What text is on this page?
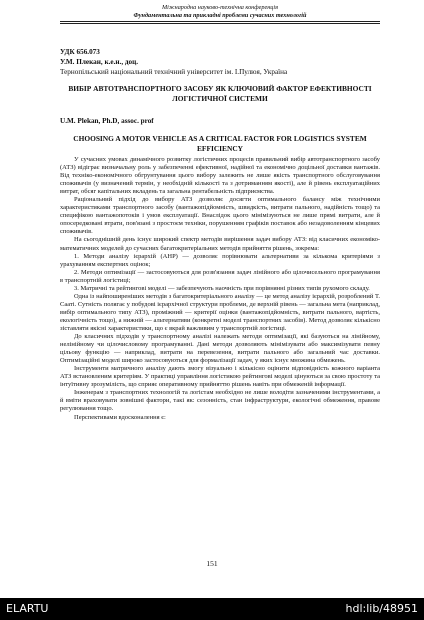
Міжнародна науково-технічна конференція
Фундаментальна та прикладні проблеми сучасних технологій
УДК 656.073
У.М. Плекан, к.е.н., доц.
Тернопільський національний технічний університет ім. І.Пулюя, Україна
ВИБІР АВТОТРАНСПОРТНОГО ЗАСОБУ ЯК КЛЮЧОВИЙ ФАКТОР ЕФЕКТИВНОСТІ ЛОГІСТИЧНОЇ СИСТЕМИ
U.M. Plekan, Ph.D, assoc. prof
CHOOSING A MOTOR VEHICLE AS A CRITICAL FACTOR FOR LOGISTICS SYSTEM EFFICIENCY

У сучасних умовах динамічного розвитку логістичних процесів правильний вибір автотранспортного засобу (АТЗ) відіграє визначальну роль у забезпеченні ефективної, надійної та економічно доцільної доставки вантажів. Від техніко-економічного обгрунтування цього вибору залежить не лише якість транспортного обслуговування споживачів (у визначений термін, у необхідній кількості та з дотриманням якості), але й рівень експлуатаційних витрат, обсяг капітальних вкладень та загальна рентабельність підприємства.

Раціональний підхід до вибору АТЗ дозволяє досягти оптимального балансу між технічними характеристиками транспортного засобу (вантажопідйомність, швидкість, витрати пального, надійність тощо) та специфікою вантажопотоків і умов експлуатації. Внаслідок цього мінімізуються не лише прямі витрати, але й опосередковані втрати, пов'язані з простоєм техніки, порушенням графіків поставок або незадоволенням кінцевих споживачів.

На сьогоднішній день існує широкий спектр методів вирішення задач вибору АТЗ: від класичних економіко-математичних моделей до сучасних багатокритеріальних методів прийняття рішень, зокрема:

1. Методи аналізу ієрархій (АНР) — дозволяє порівнювати альтернативи за кількома критеріями з урахуванням експертних оцінок;

2. Методи оптимізації — застосовуються для розв'язання задач лінійного або цілочисельного програмування в транспортній логістиці;

3. Матричні та рейтингові моделі — забезпечують наочність при порівнянні різних типів рухомого складу.

Одна із найпоширеніших методів з багатокритеріального аналізу — це метод аналізу ієрархій, розроблений Т. Сааті. Сутність полягає у побудові ієрархічної структури проблеми, де верхній рівень — загальна мета (наприклад, вибір оптимального типу АТЗ), проміжний — критерії оцінки (вантажопідйомність, витрати пального, вартість, екологічність тощо), а нижній — альтернативи (конкретні моделі транспортних засобів). Метод дозволяє кількісно зіставляти якісні характеристики, що є вкрай важливим у транспортній логістиці.

До класичних підходів у транспортному аналізі належать методи оптимізації, які базуються на лінійному, нелінійному чи цілочисловому програмуванні. Дані методи дозволяють мінімізувати або максимізувати певну цільову функцію — наприклад, витрати на перевезення, витрати пального або загальний час доставки. Оптимізаційні моделі широко застосовуються для формалізації задач, у яких існує множина обмежень.

Інструменти матричного аналізу дають змогу візуально і кількісно оцінити відповідність кожного варіанта АТЗ встановленим критеріям. У практиці управління логістикою рейтингові моделі цінуються за свою простоту та інтуїтивну зрозумілість, що сприяє оперативному прийняттю рішень навіть при обмеженій інформації.

Інженерам з транспортних технологій та логістам необхідно не лише володіти зазначеними інструментами, а й вміти враховувати зовнішні фактори, такі як: сезонність, стан інфраструктури, екологічні обмеження, правове регулювання тощо.

Перспективами вдосконалення є:

151
ELARTU	hdl:lib/48951
